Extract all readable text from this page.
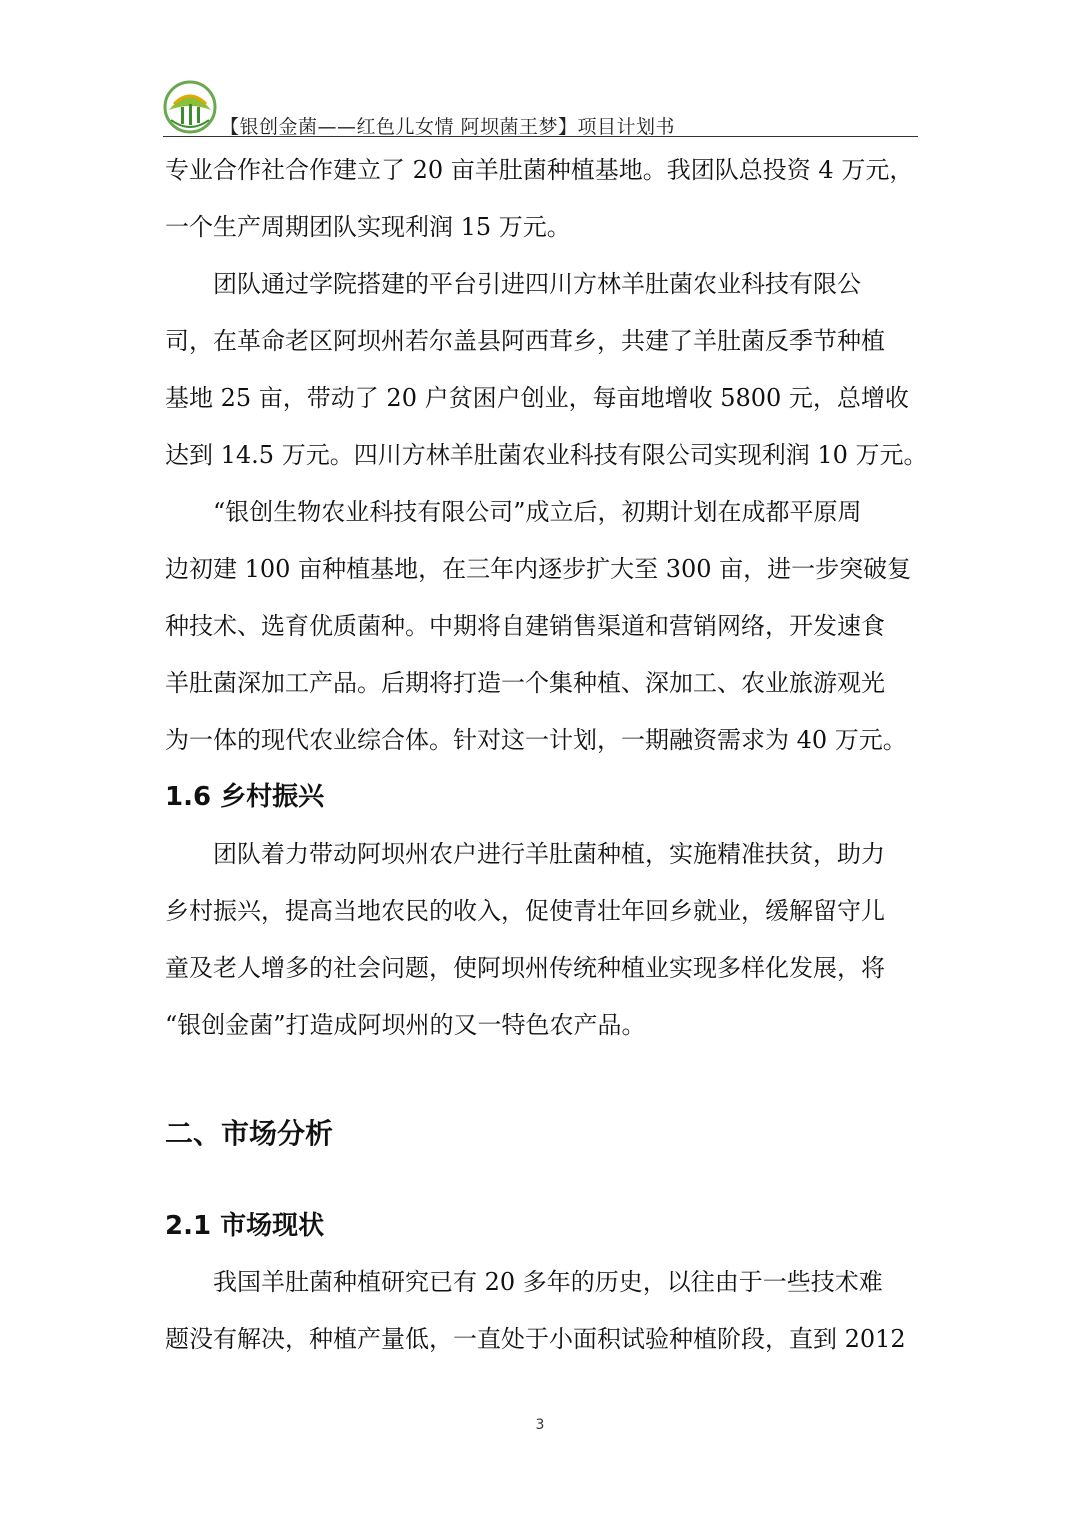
【银创金菌——红色儿女情 阿坝菌王梦】项目计划书
专业合作社合作建立了 20 亩羊肚菌种植基地。我团队总投资 4 万元，
一个生产周期团队实现利润 15 万元。
　　团队通过学院搭建的平台引进四川方林羊肚菌农业科技有限公
司，在革命老区阿坝州若尔盖县阿西茸乡，共建了羊肚菌反季节种植
基地 25 亩，带动了 20 户贫困户创业，每亩地增收 5800 元，总增收
达到 14.5 万元。四川方林羊肚菌农业科技有限公司实现利润 10 万元。
　　“银创生物农业科技有限公司”成立后，初期计划在成都平原周
边初建 100 亩种植基地，在三年内逐步扩大至 300 亩，进一步突破复
种技术、选育优质菌种。中期将自建销售渠道和营销网络，开发速食
羊肚菌深加工产品。后期将打造一个集种植、深加工、农业旅游观光
为一体的现代农业综合体。针对这一计划，一期融资需求为 40 万元。
1.6 乡村振兴
　　团队着力带动阿坝州农户进行羊肚菌种植，实施精准扶贫，助力
乡村振兴，提高当地农民的收入，促使青壮年回乡就业，缓解留守儿
童及老人增多的社会问题，使阿坝州传统种植业实现多样化发展，将
“银创金菌”打造成阿坝州的又一特色农产品。
二、市场分析
2.1 市场现状
　　我国羊肚菌种植研究已有 20 多年的历史，以往由于一些技术难
题没有解决，种植产量低，一直处于小面积试验种植阶段，直到 2012
3
